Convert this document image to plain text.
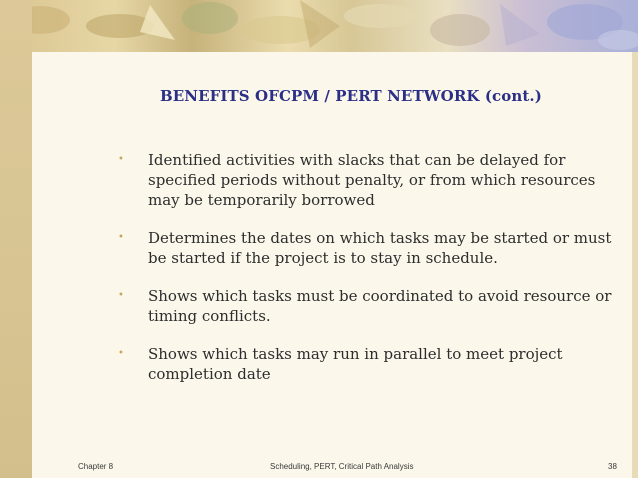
BENEFITS OFCPM / PERT NETWORK (cont.)
• Identified activities with slacks that can be delayed for specified periods without penalty, or from which resources may be temporarily borrowed
• Determines the dates on which tasks may be started or must be started if the project is to stay in schedule.
• Shows which tasks must be coordinated to avoid resource or timing conflicts.
• Shows which tasks may run in parallel to meet project completion date
Chapter 8	Scheduling, PERT, Critical Path Analysis	38
